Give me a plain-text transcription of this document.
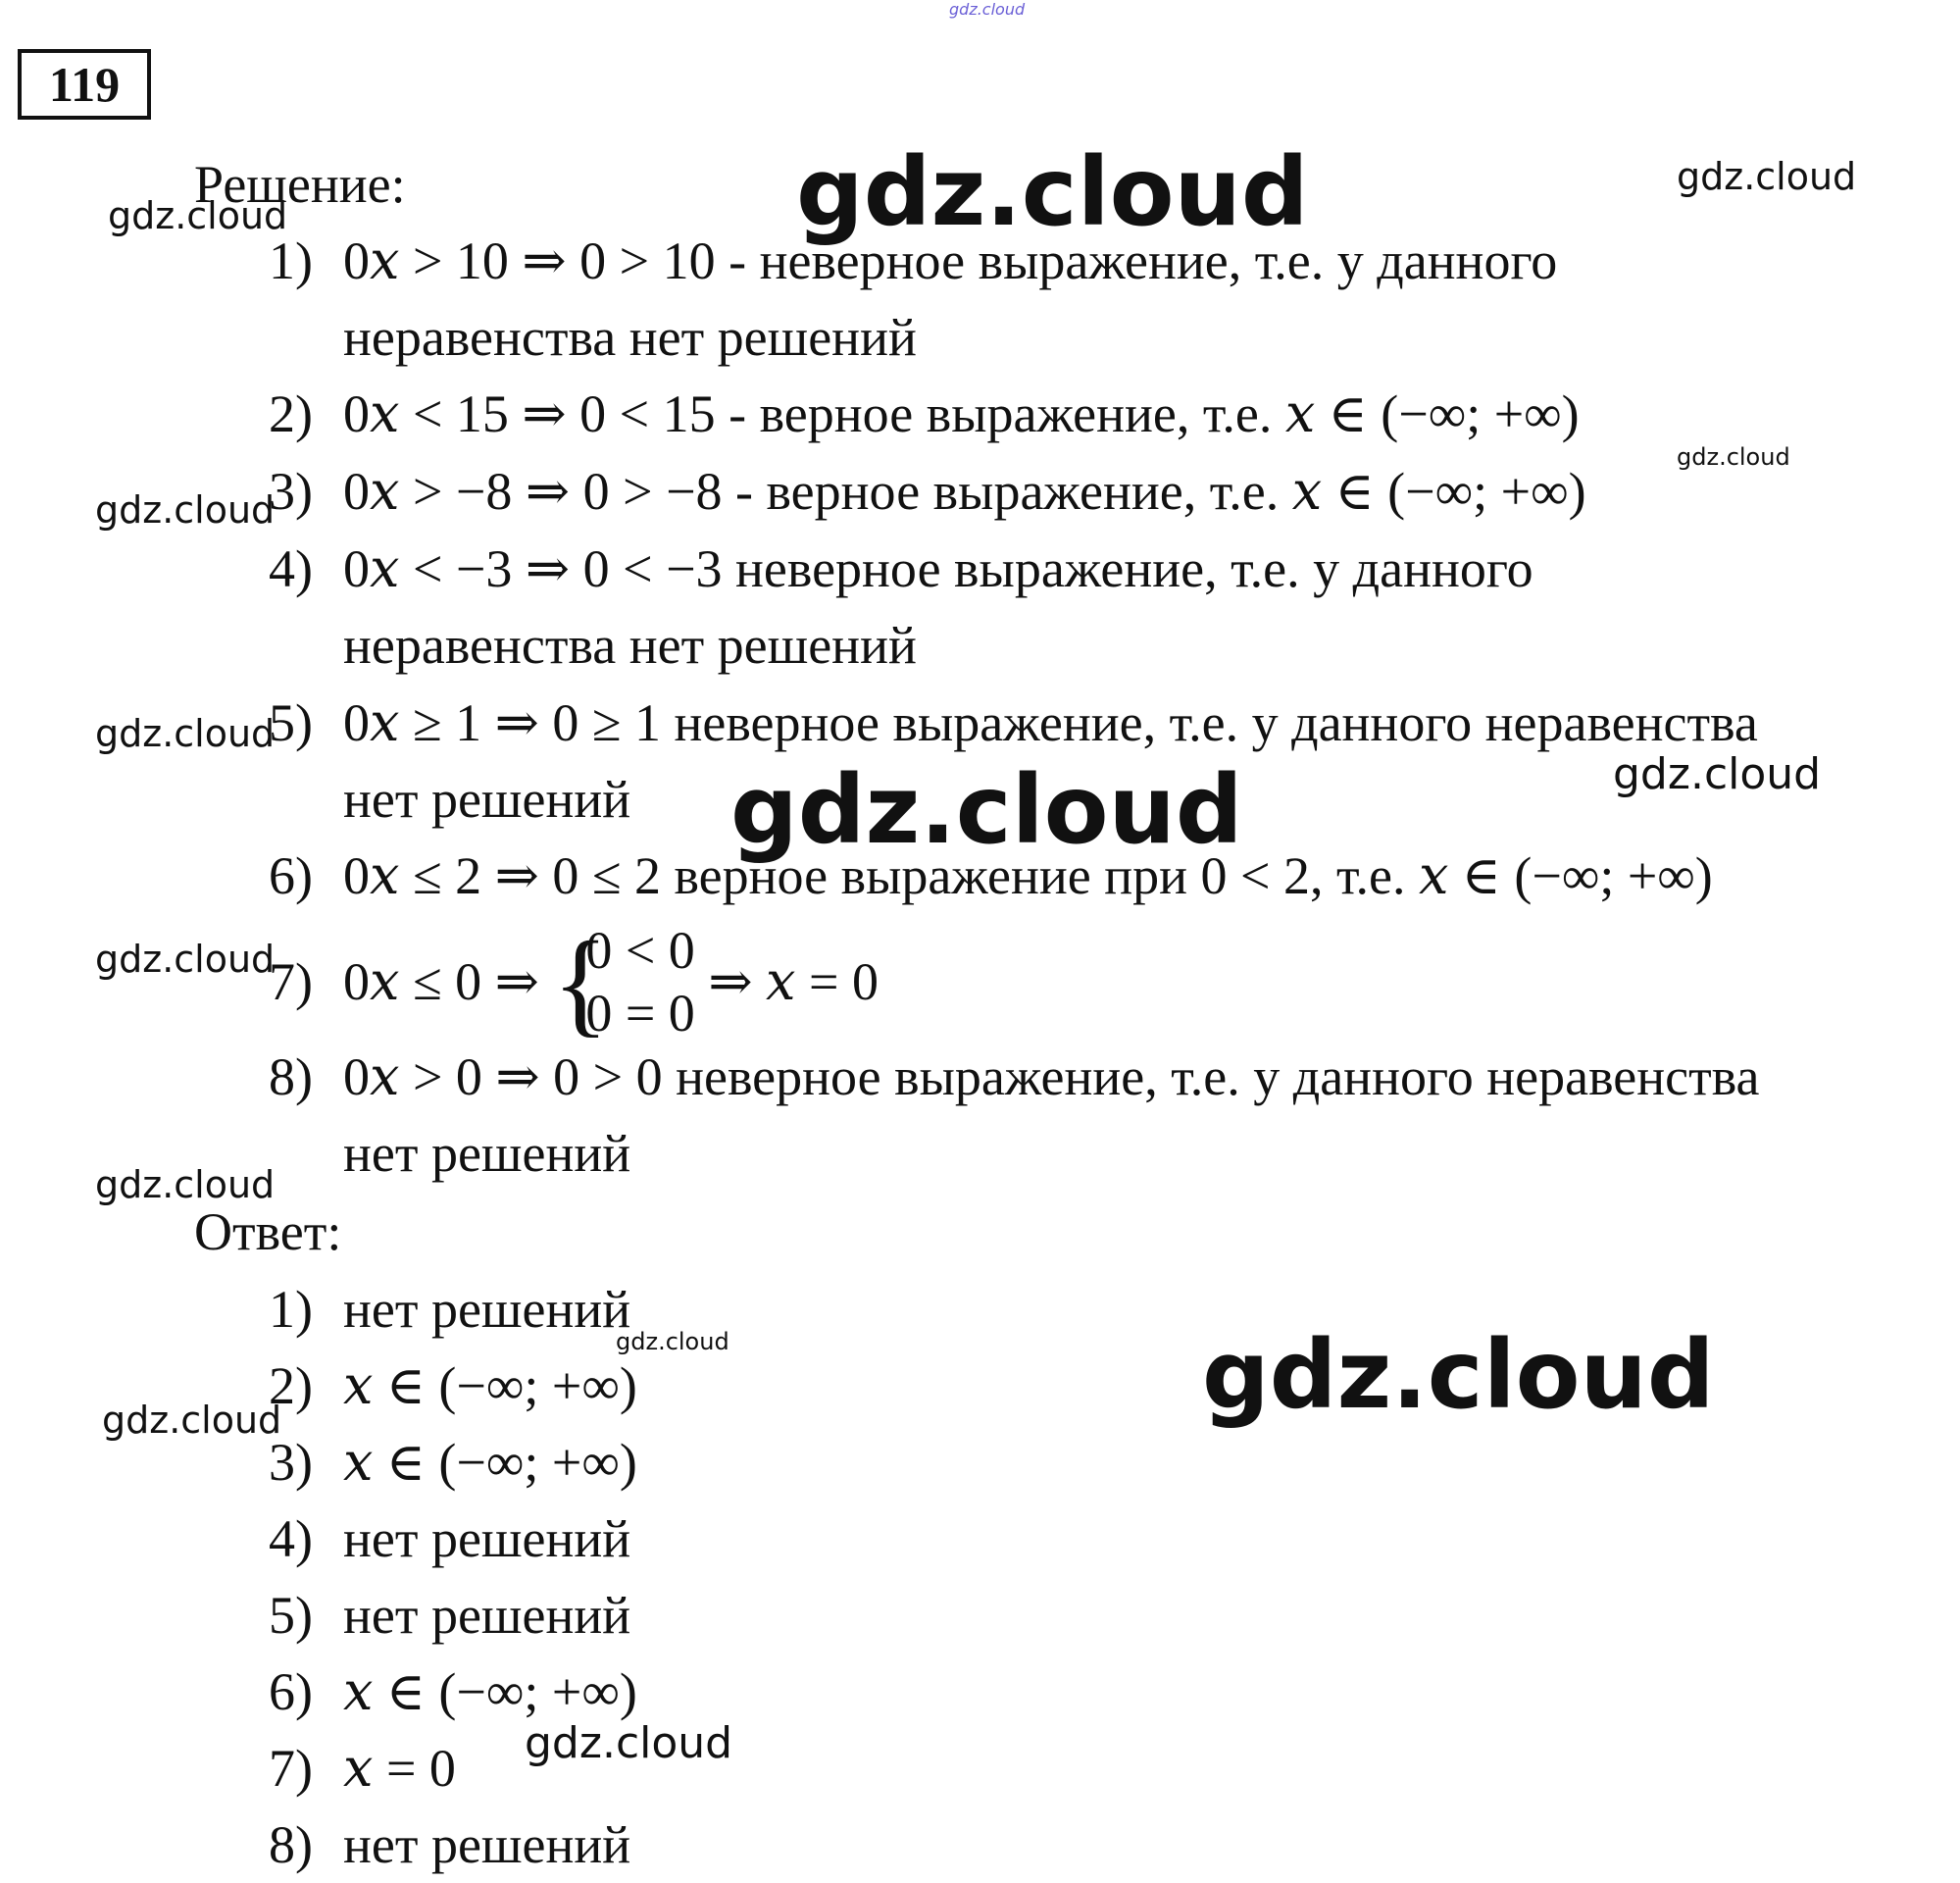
gdz.cloud
119
Решение:
1) 0𝑥 > 10 ⇒ 0 > 10 - неверное выражение, т.е. у данного
неравенства нет решений
2) 0𝑥 < 15 ⇒ 0 < 15 - верное выражение, т.е. 𝑥 ∈ (−∞; +∞)
3) 0𝑥 > −8 ⇒ 0 > −8 - верное выражение, т.е. 𝑥 ∈ (−∞; +∞)
4) 0𝑥 < −3 ⇒ 0 < −3 неверное выражение, т.е. у данного
неравенства нет решений
5) 0𝑥 ≥ 1 ⇒ 0 ≥ 1 неверное выражение, т.е. у данного неравенства
нет решений
6) 0𝑥 ≤ 2 ⇒ 0 ≤ 2 верное выражение при 0 < 2, т.е. 𝑥 ∈ (−∞; +∞)
7) 0𝑥 ≤ 0 ⇒ {
0 < 0
0 = 0
⇒ 𝑥 = 0
8) 0𝑥 > 0 ⇒ 0 > 0 неверное выражение, т.е. у данного неравенства
нет решений
Ответ:
1) нет решений
2) 𝑥 ∈ (−∞; +∞)
3) 𝑥 ∈ (−∞; +∞)
4) нет решений
5) нет решений
6) 𝑥 ∈ (−∞; +∞)
7) 𝑥 = 0
8) нет решений
gdz.cloud	gdz.cloud
gdz.cloud
gdz.cloud
gdz.cloud
gdz.cloud
gdz.cloud
gdz.cloud
gdz.cloud
gdz.cloud
gdz.cloud	gdz.cloud
gdz.cloud
gdz.cloud
